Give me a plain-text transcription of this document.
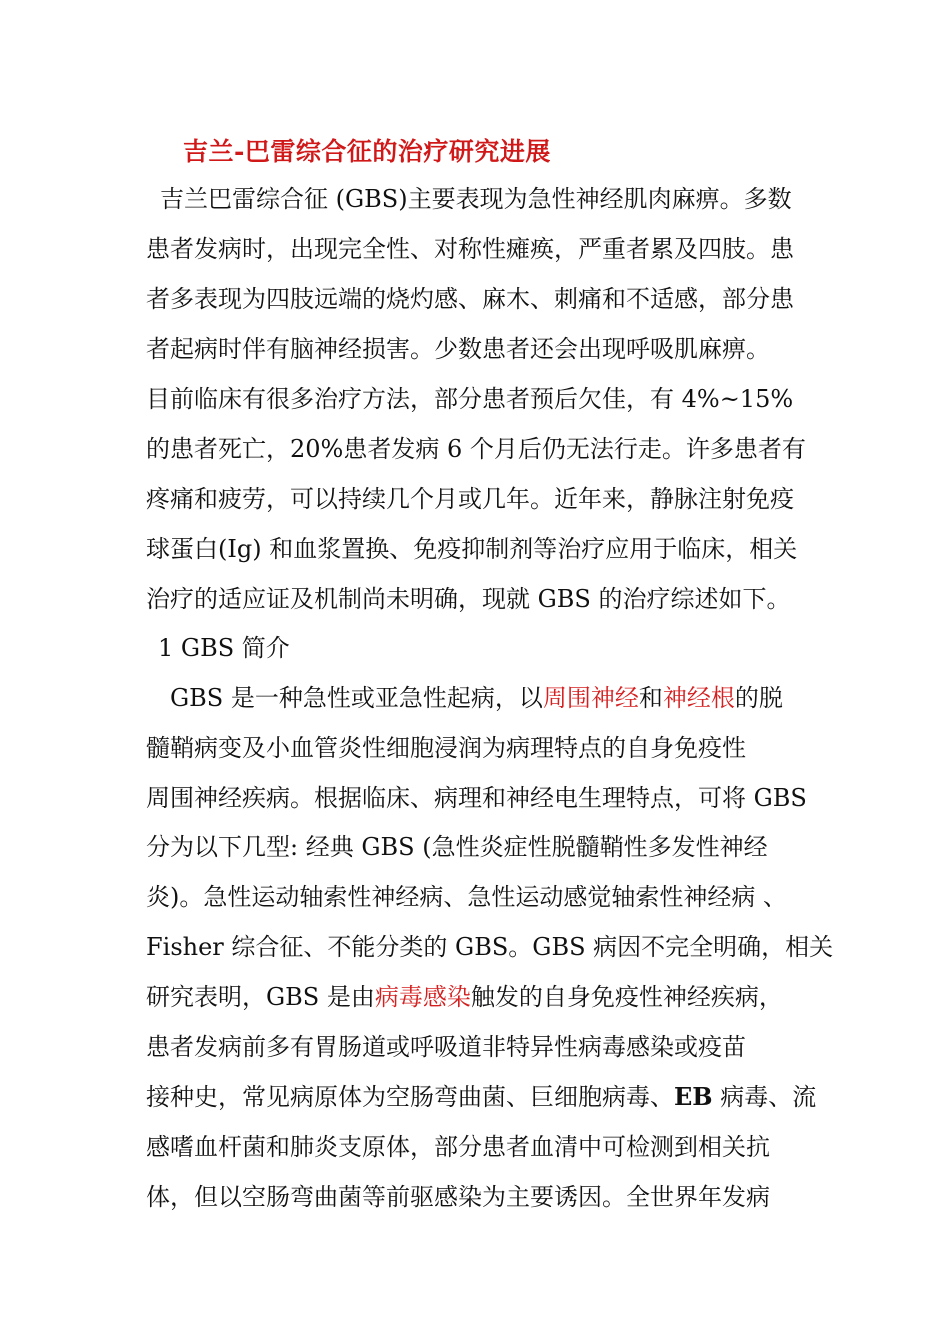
吉兰-巴雷综合征的治疗研究进展
吉兰巴雷综合征 (GBS)主要表现为急性神经肌肉麻痹。多数
患者发病时，出现完全性、对称性瘫痪，严重者累及四肢。患
者多表现为四肢远端的烧灼感、麻木、刺痛和不适感，部分患
者起病时伴有脑神经损害。少数患者还会出现呼吸肌麻痹。
目前临床有很多治疗方法，部分患者预后欠佳，有 4%~15%
的患者死亡，20%患者发病 6 个月后仍无法行走。许多患者有
疼痛和疲劳，可以持续几个月或几年。近年来，静脉注射免疫
球蛋白(Ig) 和血浆置换、免疫抑制剂等治疗应用于临床，相关
治疗的适应证及机制尚未明确，现就 GBS 的治疗综述如下。
1 GBS 简介
GBS 是一种急性或亚急性起病，以周围神经和神经根的脱
髓鞘病变及小血管炎性细胞浸润为病理特点的自身免疫性
周围神经疾病。根据临床、病理和神经电生理特点，可将 GBS
分为以下几型: 经典 GBS (急性炎症性脱髓鞘性多发性神经
炎)。急性运动轴索性神经病、急性运动感觉轴索性神经病 、
Fisher 综合征、不能分类的 GBS。GBS 病因不完全明确，相关
研究表明，GBS 是由病毒感染触发的自身免疫性神经疾病，
患者发病前多有胃肠道或呼吸道非特异性病毒感染或疫苗
接种史，常见病原体为空肠弯曲菌、巨细胞病毒、EB 病毒、流
感嗜血杆菌和肺炎支原体，部分患者血清中可检测到相关抗
体，但以空肠弯曲菌等前驱感染为主要诱因。全世界年发病
